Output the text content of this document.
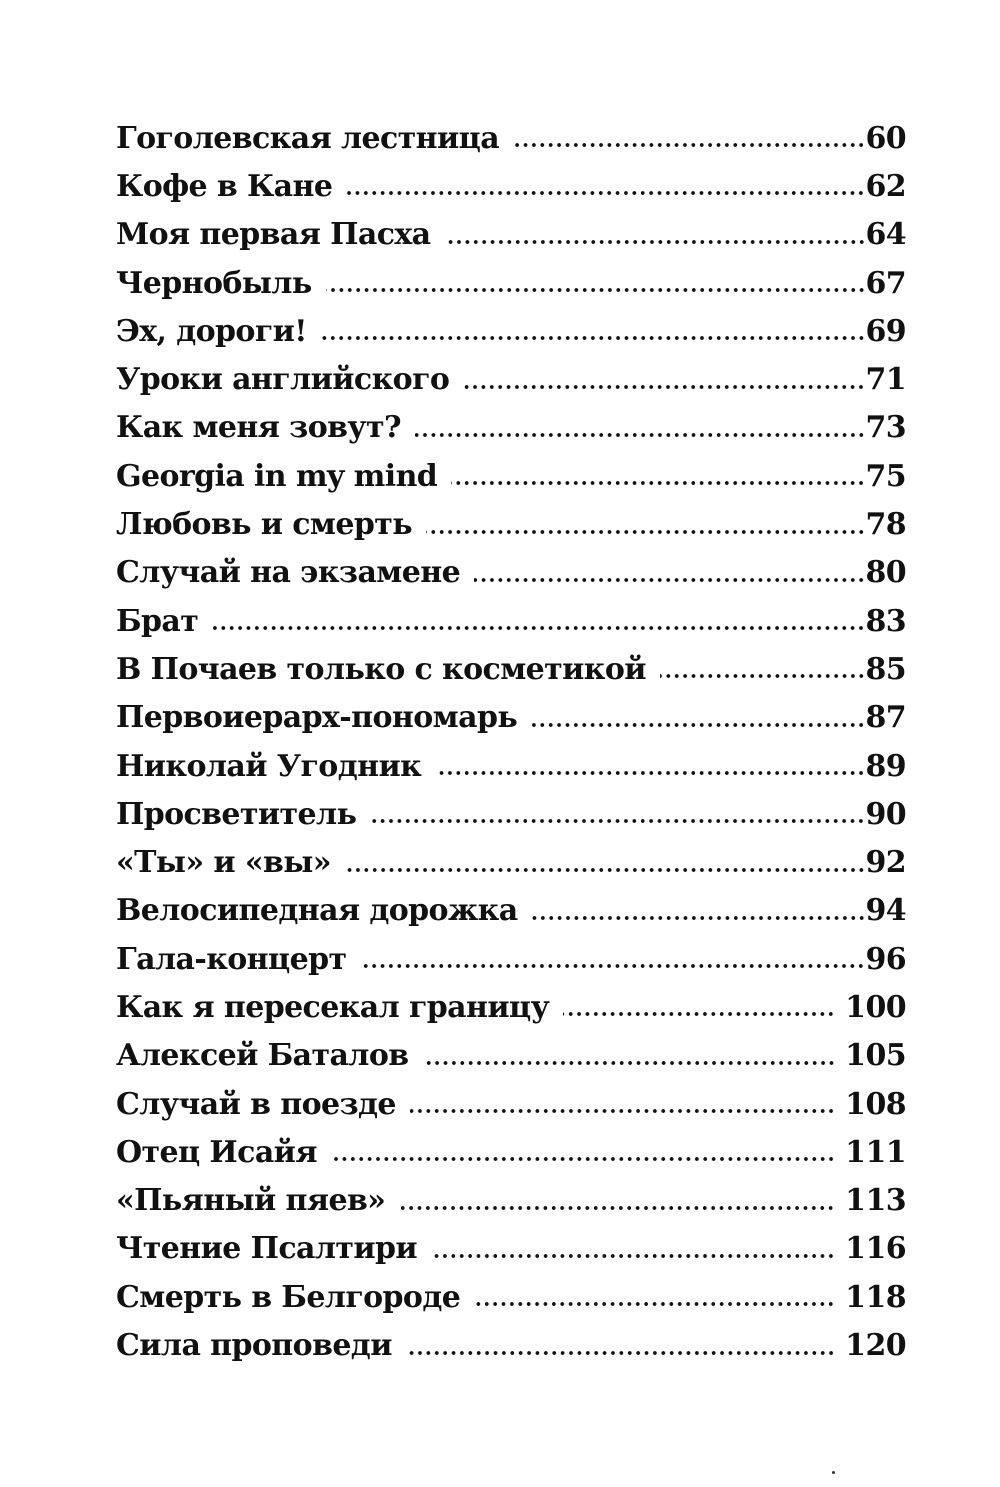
Гоголевская лестница	60
Кофе в Кане	62
Моя первая Пасха	64
Чернобыль	67
Эх, дороги!	69
Уроки английского	71
Как меня зовут?	73
Georgia in my mind	75
Любовь и смерть	78
Случай на экзамене	80
Брат	83
В Почаев только с косметикой	85
Первоиерарх-пономарь	87
Николай Угодник	89
Просветитель	90
«Ты» и «вы»	92
Велосипедная дорожка	94
Гала-концерт	96
Как я пересекал границу	100
Алексей Баталов	105
Случай в поезде	108
Отец Исайя	111
«Пьяный пяев»	113
Чтение Псалтири	116
Смерть в Белгороде	118
Сила проповеди	120
